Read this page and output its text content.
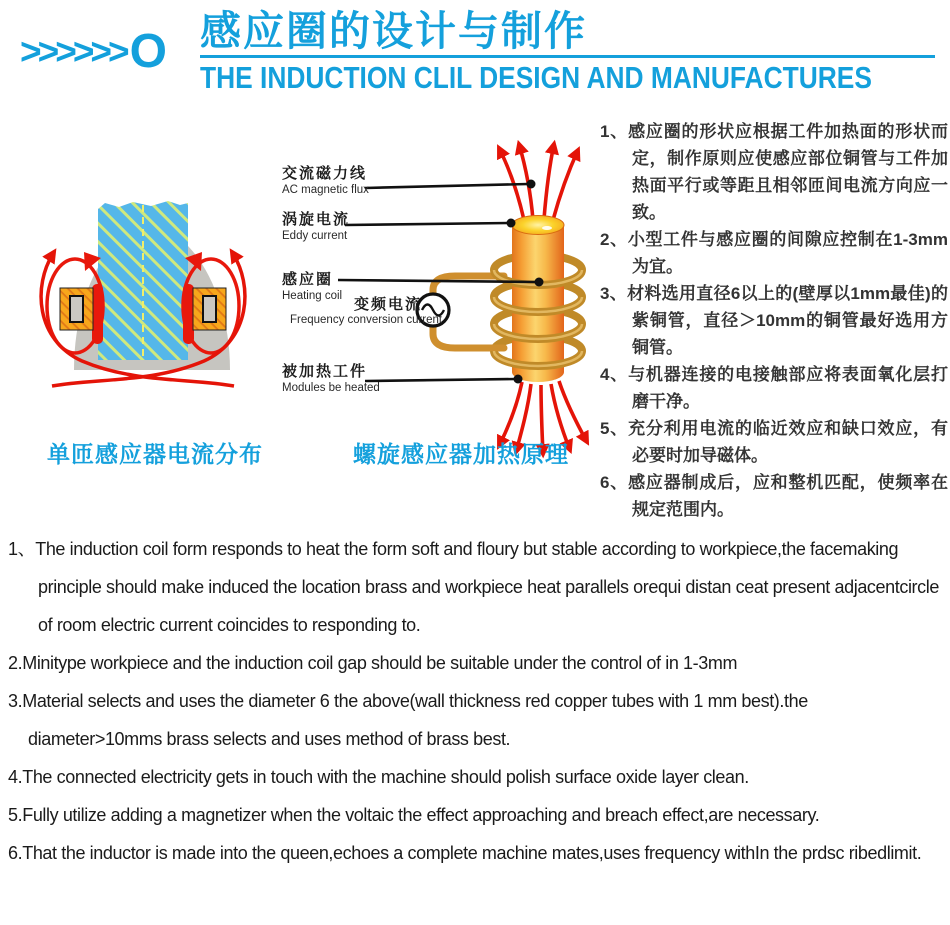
>>>>>>O 感应圈的设计与制作
THE INDUCTION CLIL DESIGN AND MANUFACTURES
单匝感应器电流分布
交流磁力线
AC magnetic flux
涡旋电流
Eddy current
感应圈
Heating coil 变频电流
Frequency conversion current
被加热工件
Modules be heated
螺旋感应器加热原理
1、感应圈的形状应根据工件加热面的形状而定，制作原则应使感应部位铜管与工件加热面平行或等距且相邻匝间电流方向应一致。
2、小型工件与感应圈的间隙应控制在1-3mm为宜。
3、材料选用直径6以上的(壁厚以1mm最佳)的紫铜管，直径＞10mm的铜管最好选用方铜管。
4、与机器连接的电接触部应将表面氧化层打磨干净。
5、充分利用电流的临近效应和缺口效应，有必要时加导磁体。
6、感应器制成后，应和整机匹配，使频率在规定范围内。
1、The induction coil form responds to heat the form soft and floury but stable according to workpiece,the facemaking principle should make induced the location brass and workpiece heat parallels orequi distan ceat present adjacentcircle of room electric current coincides to responding to.
2.Minitype workpiece and the induction coil gap should be suitable under the control of in 1-3mm
3.Material selects and uses the diameter 6 the above(wall thickness red copper tubes with 1 mm best).the diameter>10mms brass selects and uses method of brass best.
4.The connected electricity gets in touch with the machine should polish surface oxide layer clean.
5.Fully utilize adding a magnetizer when the voltaic the effect approaching and breach effect,are necessary.
6.That the inductor is made into the queen,echoes a complete machine mates,uses frequency withIn the prdsc ribedlimit.
